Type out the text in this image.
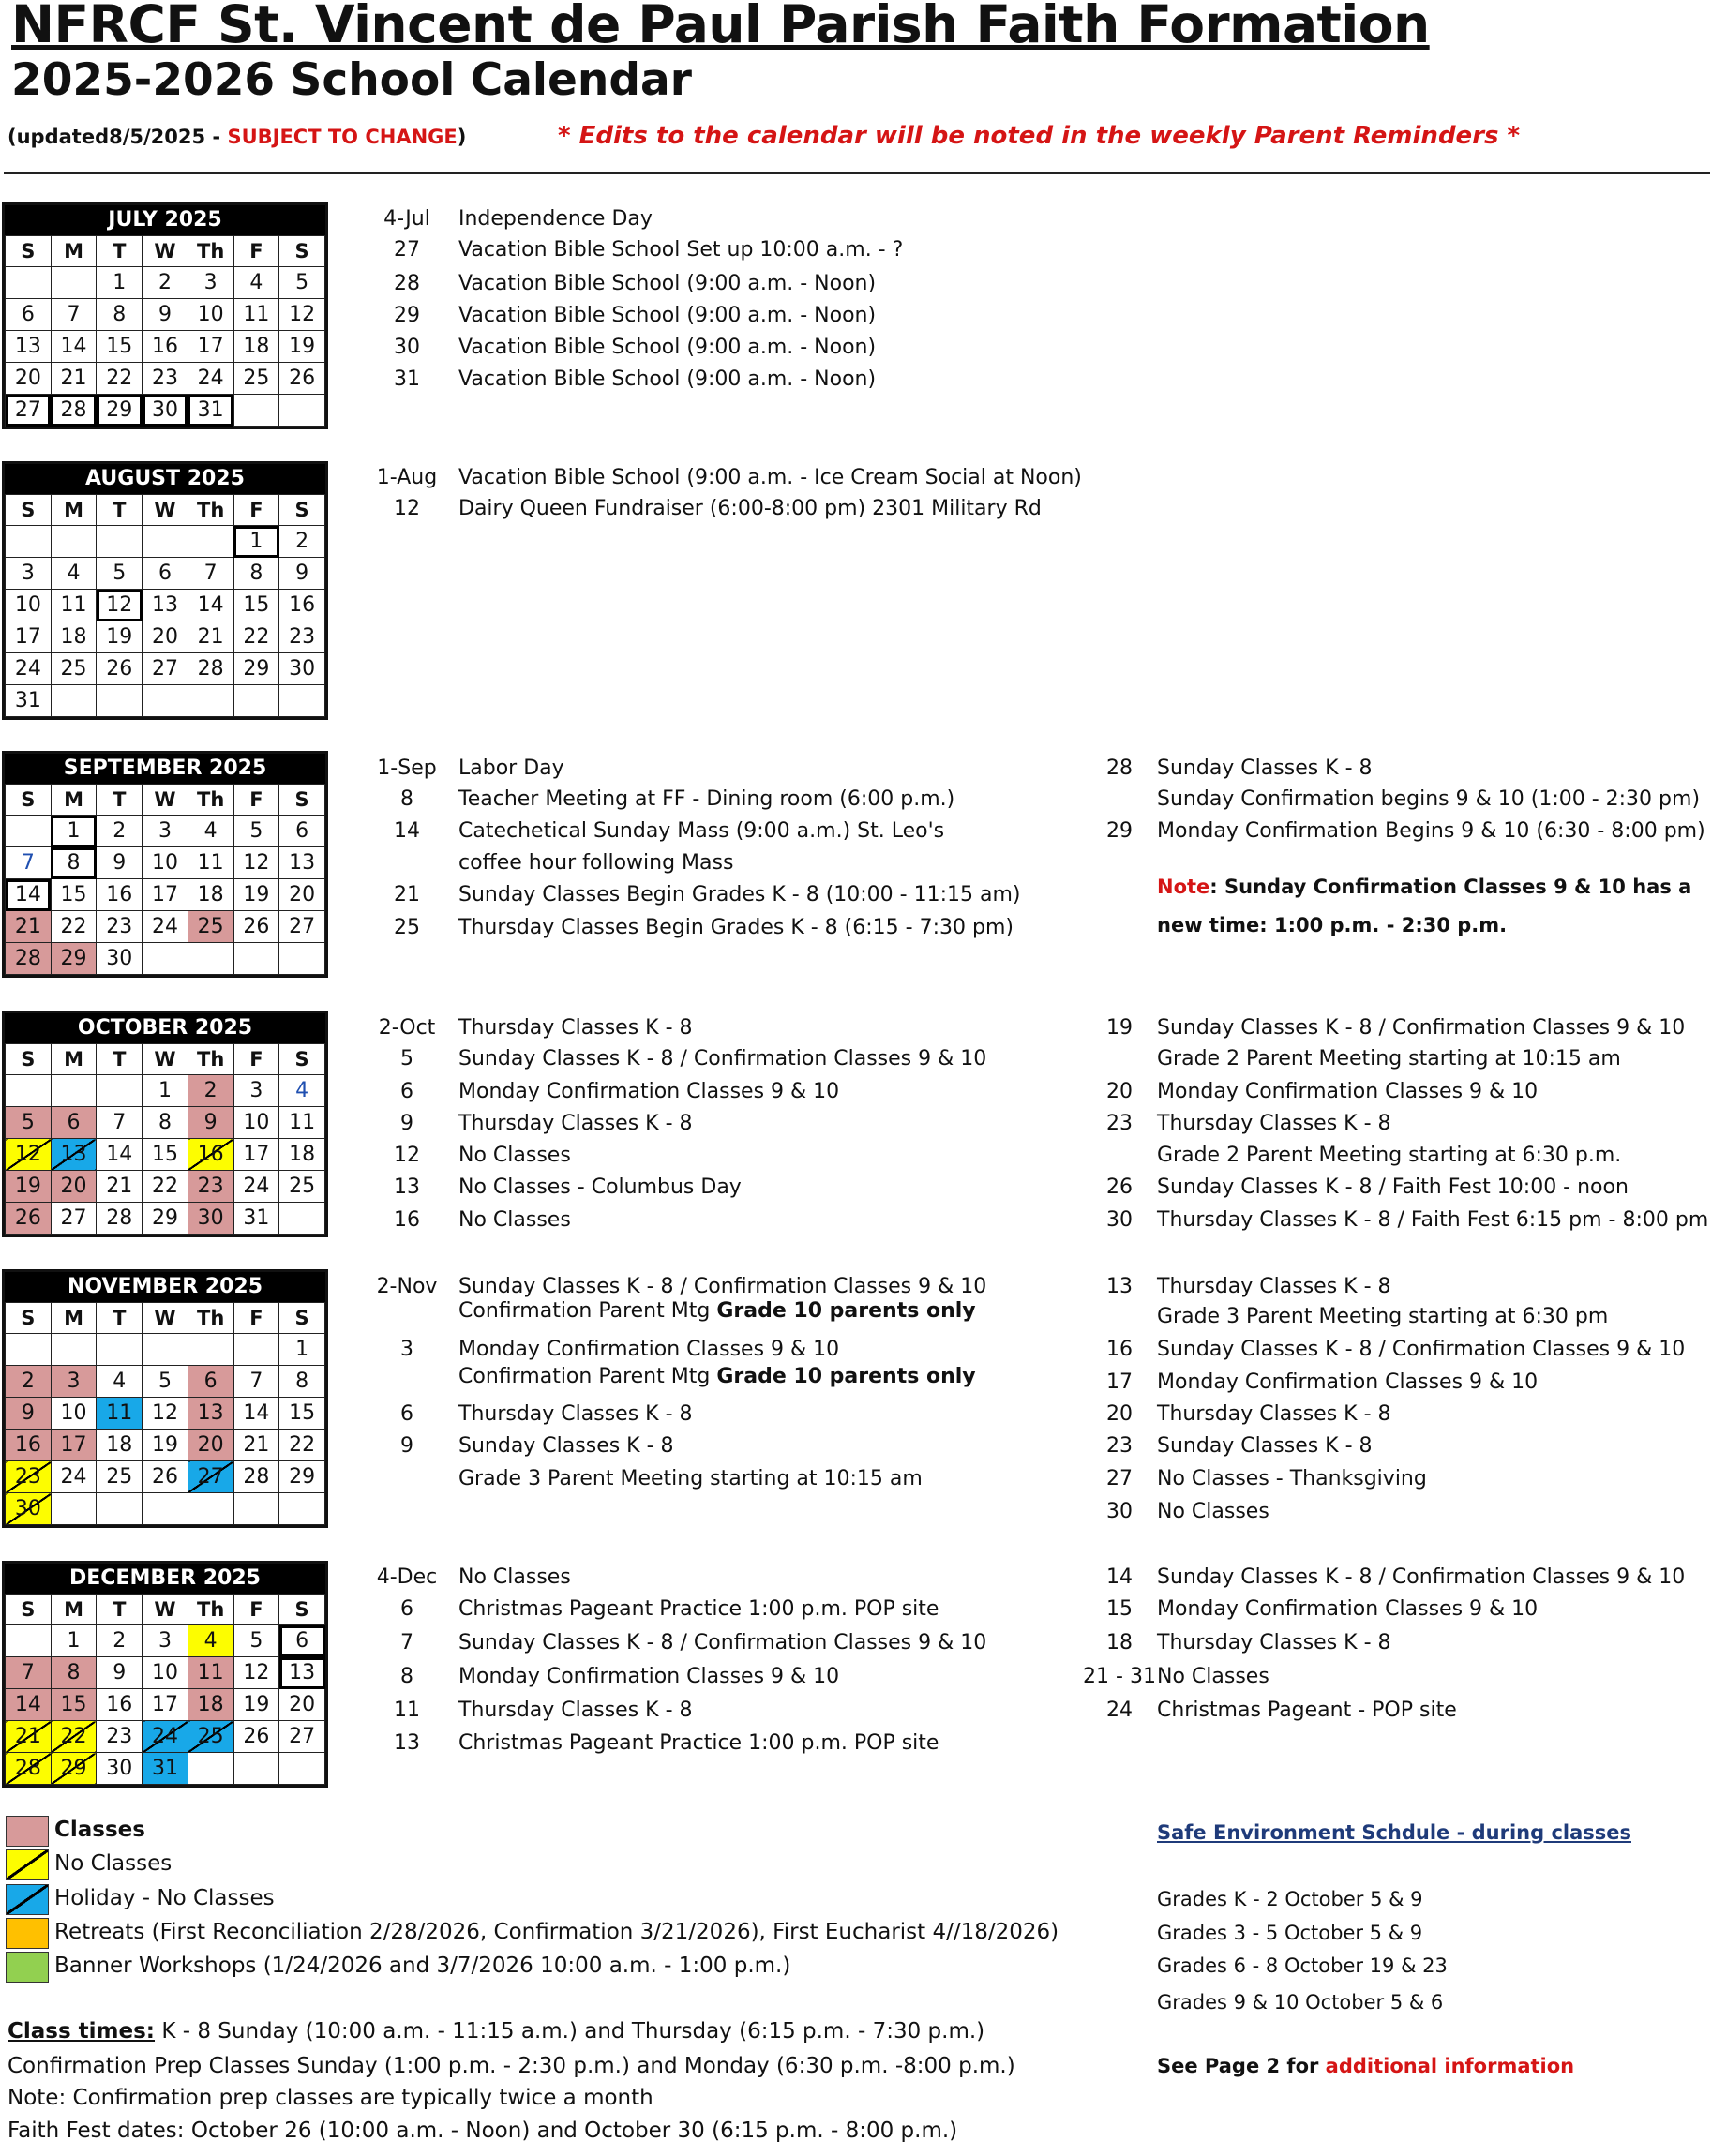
NFRCF St. Vincent de Paul Parish Faith Formation
2025-2026 School Calendar
(updated8/5/2025 - SUBJECT TO CHANGE)	* Edits to the calendar will be noted in the weekly Parent Reminders *
JULY 2025
S	M	T	W	Th	F	S
		1	2	3	4	5
6	7	8	9	10	11	12
13	14	15	16	17	18	19
20	21	22	23	24	25	26
27	28	29	30	31		
AUGUST 2025
S	M	T	W	Th	F	S
					1	2
3	4	5	6	7	8	9
10	11	12	13	14	15	16
17	18	19	20	21	22	23
24	25	26	27	28	29	30
31						
SEPTEMBER 2025
S	M	T	W	Th	F	S
	1	2	3	4	5	6
7	8	9	10	11	12	13
14	15	16	17	18	19	20
21	22	23	24	25	26	27
28	29	30				
OCTOBER 2025
S	M	T	W	Th	F	S
			1	2	3	4
5	6	7	8	9	10	11
12	13	14	15	16	17	18
19	20	21	22	23	24	25
26	27	28	29	30	31	
NOVEMBER 2025
S	M	T	W	Th	F	S
						1
2	3	4	5	6	7	8
9	10	11	12	13	14	15
16	17	18	19	20	21	22
23	24	25	26	27	28	29
30						
DECEMBER 2025
S	M	T	W	Th	F	S
	1	2	3	4	5	6
7	8	9	10	11	12	13
14	15	16	17	18	19	20
21	22	23	24	25	26	27
28	29	30	31			
4-Jul	Independence Day
27	Vacation Bible School Set up 10:00 a.m. - ?
28	Vacation Bible School (9:00 a.m. - Noon)
29	Vacation Bible School (9:00 a.m. - Noon)
30	Vacation Bible School (9:00 a.m. - Noon)
31	Vacation Bible School (9:00 a.m. - Noon)
1-Aug	Vacation Bible School (9:00 a.m. - Ice Cream Social at Noon)
12	Dairy Queen Fundraiser (6:00-8:00 pm) 2301 Military Rd
1-Sep	Labor Day
8	Teacher Meeting at FF - Dining room (6:00 p.m.)
14	Catechetical Sunday Mass (9:00 a.m.) St. Leo's
coffee hour following Mass
21	Sunday Classes Begin Grades K - 8 (10:00 - 11:15 am)
25	Thursday Classes Begin Grades K - 8 (6:15 - 7:30 pm)
2-Oct	Thursday Classes K - 8
5	Sunday Classes K - 8 / Confirmation Classes 9 & 10
6	Monday Confirmation Classes 9 & 10
9	Thursday Classes K - 8
12	No Classes
13	No Classes - Columbus Day
16	No Classes
2-Nov	Sunday Classes K - 8 / Confirmation Classes 9 & 10
Confirmation Parent Mtg Grade 10 parents only
3	Monday Confirmation Classes 9 & 10
Confirmation Parent Mtg Grade 10 parents only
6	Thursday Classes K - 8
9	Sunday Classes K - 8
Grade 3 Parent Meeting starting at 10:15 am
4-Dec	No Classes
6	Christmas Pageant Practice 1:00 p.m. POP site
7	Sunday Classes K - 8 / Confirmation Classes 9 & 10
8	Monday Confirmation Classes 9 & 10
11	Thursday Classes K - 8
13	Christmas Pageant Practice 1:00 p.m. POP site
28	Sunday Classes K - 8
Sunday Confirmation begins 9 & 10 (1:00 - 2:30 pm)
29	Monday Confirmation Begins 9 & 10 (6:30 - 8:00 pm)
19	Sunday Classes K - 8 / Confirmation Classes 9 & 10
Grade 2 Parent Meeting starting at 10:15 am
20	Monday Confirmation Classes 9 & 10
23	Thursday Classes K - 8
Grade 2 Parent Meeting starting at 6:30 p.m.
26	Sunday Classes K - 8 / Faith Fest 10:00 - noon
30	Thursday Classes K - 8 / Faith Fest 6:15 pm - 8:00 pm
13	Thursday Classes K - 8
Grade 3 Parent Meeting starting at 6:30 pm
16	Sunday Classes K - 8 / Confirmation Classes 9 & 10
17	Monday Confirmation Classes 9 & 10
20	Thursday Classes K - 8
23	Sunday Classes K - 8
27	No Classes - Thanksgiving
30	No Classes
14	Sunday Classes K - 8 / Confirmation Classes 9 & 10
15	Monday Confirmation Classes 9 & 10
18	Thursday Classes K - 8
21 - 31 No Classes
24	Christmas Pageant - POP site
Note: Sunday Confirmation Classes 9 & 10 has a
new time: 1:00 p.m. - 2:30 p.m.
Classes
No Classes
Holiday - No Classes
Retreats (First Reconciliation 2/28/2026, Confirmation 3/21/2026), First Eucharist 4//18/2026)
Banner Workshops (1/24/2026 and 3/7/2026 10:00 a.m. - 1:00 p.m.)
Safe Environment Schdule - during classes
Grades K - 2 October 5 & 9
Grades 3 - 5 October 5 & 9
Grades 6 - 8 October 19 & 23
Grades 9 & 10 October 5 & 6
See Page 2 for additional information
Class times: K - 8 Sunday (10:00 a.m. - 11:15 a.m.) and Thursday (6:15 p.m. - 7:30 p.m.)
Confirmation Prep Classes Sunday (1:00 p.m. - 2:30 p.m.) and Monday (6:30 p.m. -8:00 p.m.)
Note: Confirmation prep classes are typically twice a month
Faith Fest dates: October 26 (10:00 a.m. - Noon) and October 30 (6:15 p.m. - 8:00 p.m.)
